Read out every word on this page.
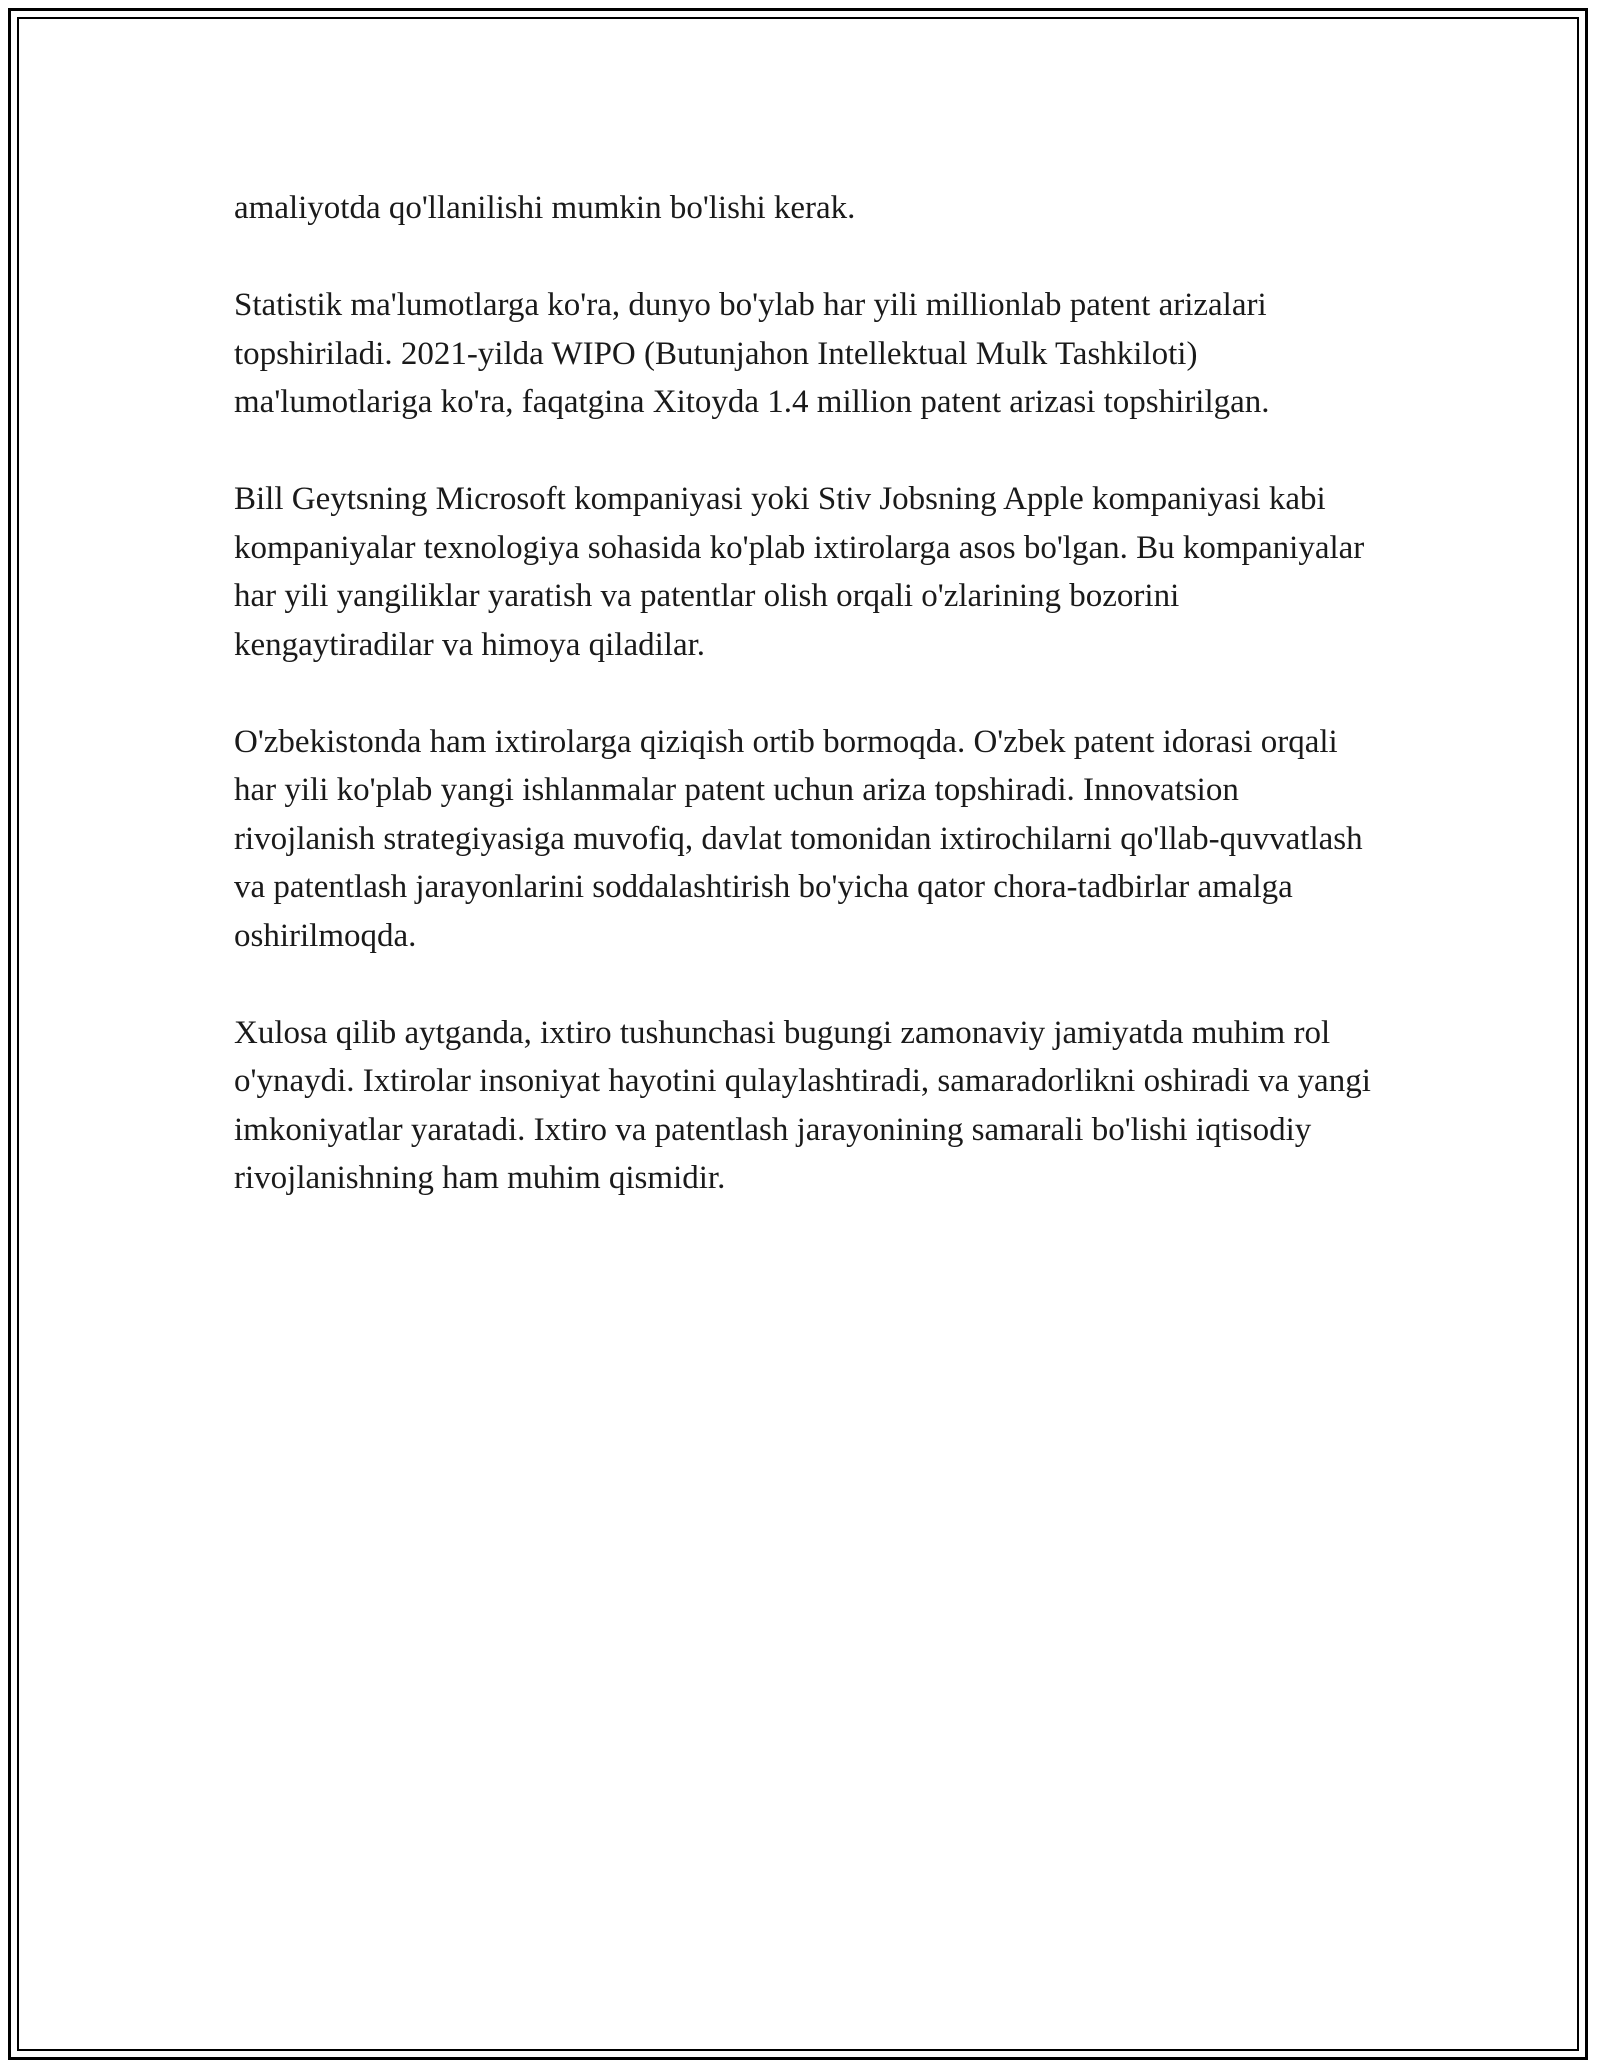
amaliyotda qo'llanilishi mumkin bo'lishi kerak.

Statistik ma'lumotlarga ko'ra, dunyo bo'ylab har yili millionlab patent arizalari topshiriladi. 2021-yilda WIPO (Butunjahon Intellektual Mulk Tashkiloti) ma'lumotlariga ko'ra, faqatgina Xitoyda 1.4 million patent arizasi topshirilgan.

Bill Geytsning Microsoft kompaniyasi yoki Stiv Jobsning Apple kompaniyasi kabi kompaniyalar texnologiya sohasida ko'plab ixtirolarga asos bo'lgan. Bu kompaniyalar har yili yangiliklar yaratish va patentlar olish orqali o'zlarining bozorini kengaytiradilar va himoya qiladilar.

O'zbekistonda ham ixtirolarga qiziqish ortib bormoqda. O'zbek patent idorasi orqali har yili ko'plab yangi ishlanmalar patent uchun ariza topshiradi. Innovatsion rivojlanish strategiyasiga muvofiq, davlat tomonidan ixtirochilarni qo'llab-quvvatlash va patentlash jarayonlarini soddalashtirish bo'yicha qator chora-tadbirlar amalga oshirilmoqda.

Xulosa qilib aytganda, ixtiro tushunchasi bugungi zamonaviy jamiyatda muhim rol o'ynaydi. Ixtirolar insoniyat hayotini qulaylashtiradi, samaradorlikni oshiradi va yangi imkoniyatlar yaratadi. Ixtiro va patentlash jarayonining samarali bo'lishi iqtisodiy rivojlanishning ham muhim qismidir.
